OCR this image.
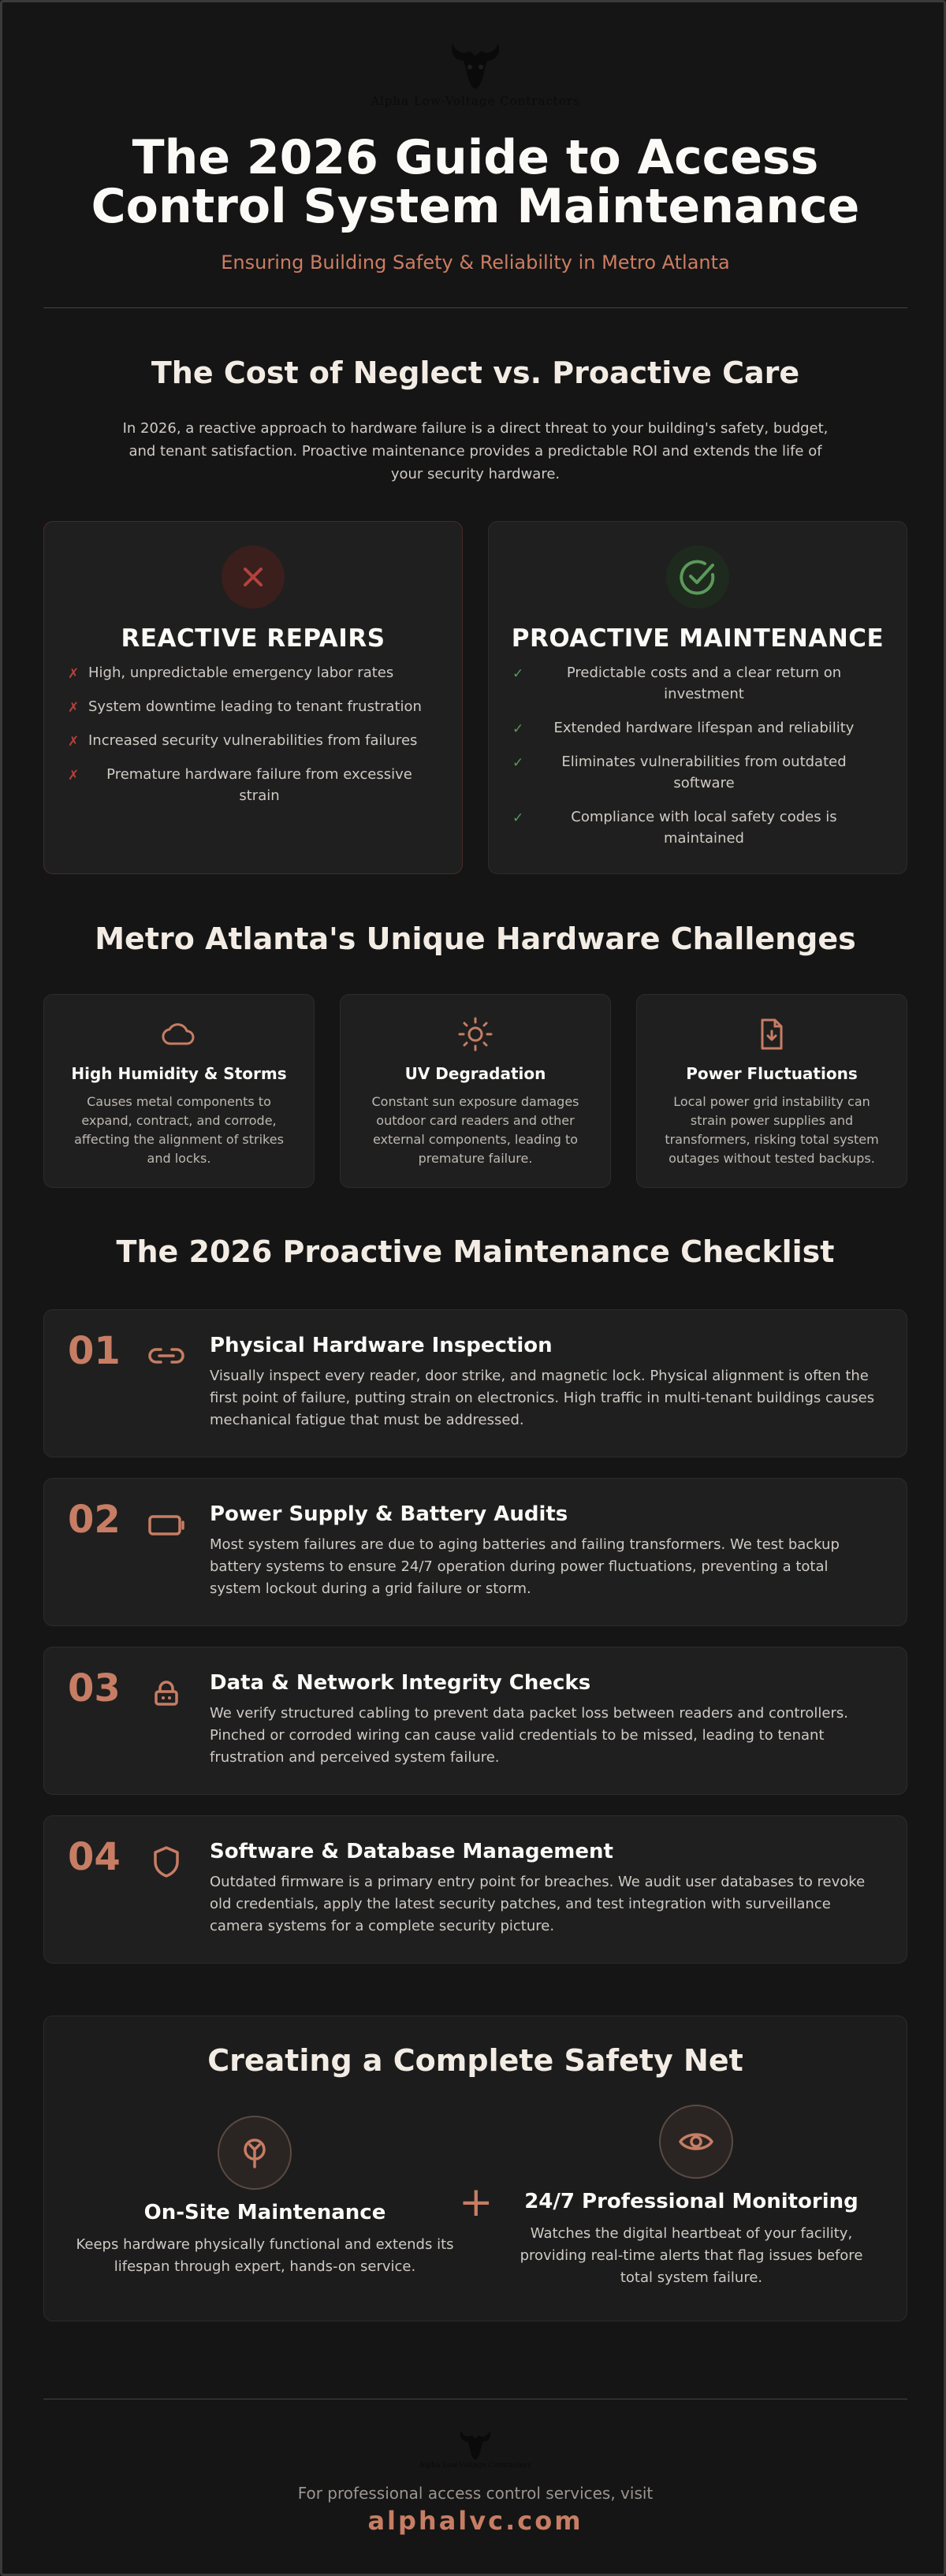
Alpha Low-Voltage Contractors
The 2026 Guide to Access Control System Maintenance
Ensuring Building Safety & Reliability in Metro Atlanta
The Cost of Neglect vs. Proactive Care

In 2026, a reactive approach to hardware failure is a direct threat to your building's safety, budget, and tenant satisfaction. Proactive maintenance provides a predictable ROI and extends the life of your security hardware.

REACTIVE REPAIRS
✗ High, unpredictable emergency labor rates
✗ System downtime leading to tenant frustration
✗ Increased security vulnerabilities from failures
✗ Premature hardware failure from excessive strain
PROACTIVE MAINTENANCE
✓	Predictable costs and a clear return on investment
✓ Extended hardware lifespan and reliability
✓	Eliminates vulnerabilities from outdated software
✓	Compliance with local safety codes is maintained
Metro Atlanta's Unique Hardware Challenges
High Humidity & Storms
Causes metal components to expand, contract, and corrode, affecting the alignment of strikes and locks.
UV Degradation
Constant sun exposure damages outdoor card readers and other external components, leading to premature failure.
Power Fluctuations
Local power grid instability can strain power supplies and transformers, risking total system outages without tested backups.
The 2026 Proactive Maintenance Checklist
01	Physical Hardware Inspection
Visually inspect every reader, door strike, and magnetic lock. Physical alignment is often the first point of failure, putting strain on electronics. High traffic in multi-tenant buildings causes mechanical fatigue that must be addressed.
02	Power Supply & Battery Audits
Most system failures are due to aging batteries and failing transformers. We test backup battery systems to ensure 24/7 operation during power fluctuations, preventing a total system lockout during a grid failure or storm.
03	Data & Network Integrity Checks
We verify structured cabling to prevent data packet loss between readers and controllers. Pinched or corroded wiring can cause valid credentials to be missed, leading to tenant frustration and perceived system failure.
04	Software & Database Management
Outdated firmware is a primary entry point for breaches. We audit user databases to revoke old credentials, apply the latest security patches, and test integration with surveillance camera systems for a complete security picture.
Creating a Complete Safety Net
On-Site Maintenance
Keeps hardware physically functional and extends its lifespan through expert, hands-on service.
+	24/7 Professional Monitoring
Watches the digital heartbeat of your facility, providing real-time alerts that flag issues before total system failure.
Alpha Low-Voltage Contractors
For professional access control services, visit
alphalvc.com
